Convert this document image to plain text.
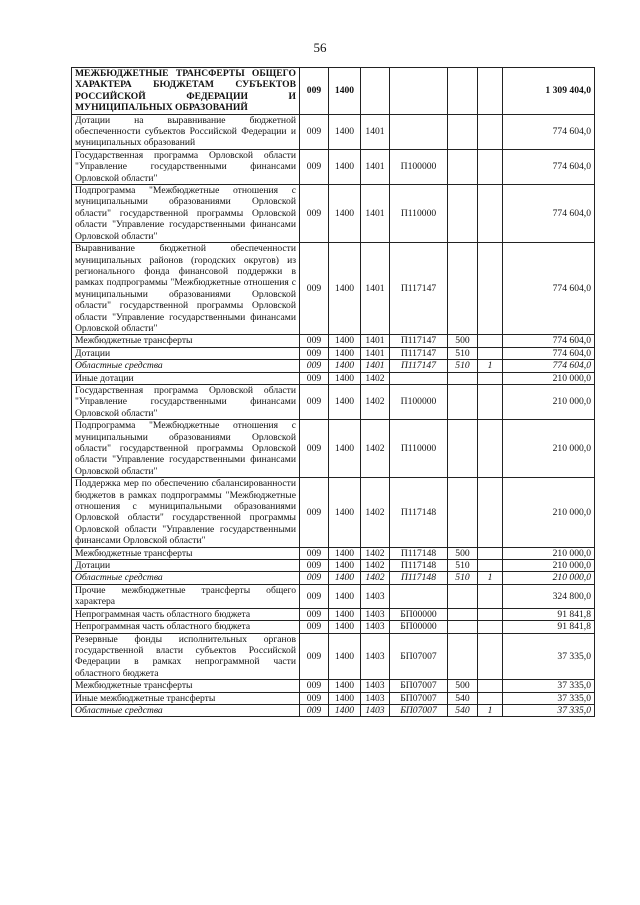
56
МЕЖБЮДЖЕТНЫЕ ТРАНСФЕРТЫ ОБЩЕГО ХАРАКТЕРА БЮДЖЕТАМ СУБЪЕКТОВ РОССИЙСКОЙ ФЕДЕРАЦИИ И МУНИЦИПАЛЬНЫХ ОБРАЗОВАНИЙ	009	1400					1 309 404,0
Дотации на выравнивание бюджетной обеспеченности субъектов Российской Федерации и муниципальных образований	009	1400	1401				774 604,0
Государственная программа Орловской области "Управление государственными финансами Орловской области"	009	1400	1401	П100000			774 604,0
Подпрограмма "Межбюджетные отношения с муниципальными образованиями Орловской области" государственной программы Орловской области "Управление государственными финансами Орловской области"	009	1400	1401	П110000			774 604,0
Выравнивание бюджетной обеспеченности муниципальных районов (городских округов) из регионального фонда финансовой поддержки в рамках подпрограммы "Межбюджетные отношения с муниципальными образованиями Орловской области" государственной программы Орловской области "Управление государственными финансами Орловской области"	009	1400	1401	П117147			774 604,0
Межбюджетные трансферты	009	1400	1401	П117147	500		774 604,0
Дотации	009	1400	1401	П117147	510		774 604,0
Областные средства	009	1400	1401	П117147	510	1	774 604,0
Иные дотации	009	1400	1402				210 000,0
Государственная программа Орловской области "Управление государственными финансами Орловской области"	009	1400	1402	П100000			210 000,0
Подпрограмма "Межбюджетные отношения с муниципальными образованиями Орловской области" государственной программы Орловской области "Управление государственными финансами Орловской области"	009	1400	1402	П110000			210 000,0
Поддержка мер по обеспечению сбалансированности бюджетов в рамках подпрограммы "Межбюджетные отношения с муниципальными образованиями Орловской области" государственной программы Орловской области "Управление государственными финансами Орловской области"	009	1400	1402	П117148			210 000,0
Межбюджетные трансферты	009	1400	1402	П117148	500		210 000,0
Дотации	009	1400	1402	П117148	510		210 000,0
Областные средства	009	1400	1402	П117148	510	1	210 000,0
Прочие межбюджетные трансферты общего характера	009	1400	1403				324 800,0
Непрограммная часть областного бюджета	009	1400	1403	БП00000			91 841,8
Непрограммная часть областного бюджета	009	1400	1403	БП00000			91 841,8
Резервные фонды исполнительных органов государственной власти субъектов Российской Федерации в рамках непрограммной части областного бюджета	009	1400	1403	БП07007			37 335,0
Межбюджетные трансферты	009	1400	1403	БП07007	500		37 335,0
Иные межбюджетные трансферты	009	1400	1403	БП07007	540		37 335,0
Областные средства	009	1400	1403	БП07007	540	1	37 335,0
